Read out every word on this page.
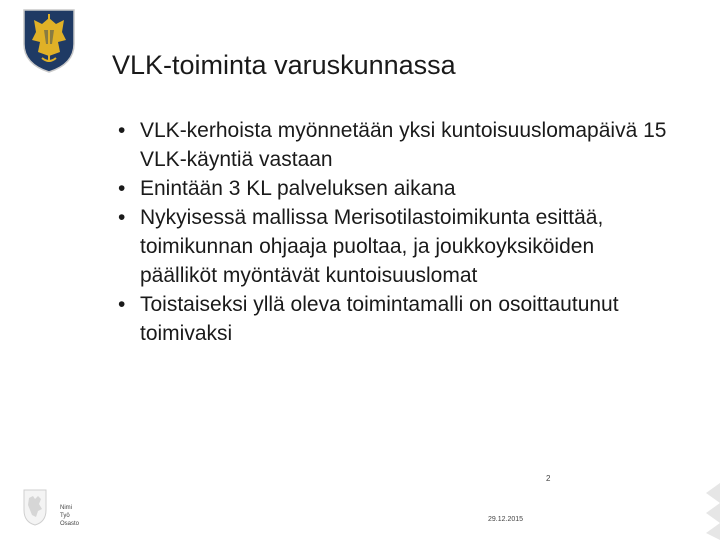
VLK-toiminta varuskunnassa
• VLK-kerhoista myönnetään yksi kuntoisuuslomapäivä 15 VLK-käyntiä vastaan
• Enintään 3 KL palveluksen aikana
• Nykyisessä mallissa Merisotilastoimikunta esittää, toimikunnan ohjaaja puoltaa, ja joukkoyksiköiden päälliköt myöntävät kuntoisuuslomat
• Toistaiseksi yllä oleva toimintamalli on osoittautunut toimivaksi
Nimi
Työ
Osasto
2
29.12.2015
